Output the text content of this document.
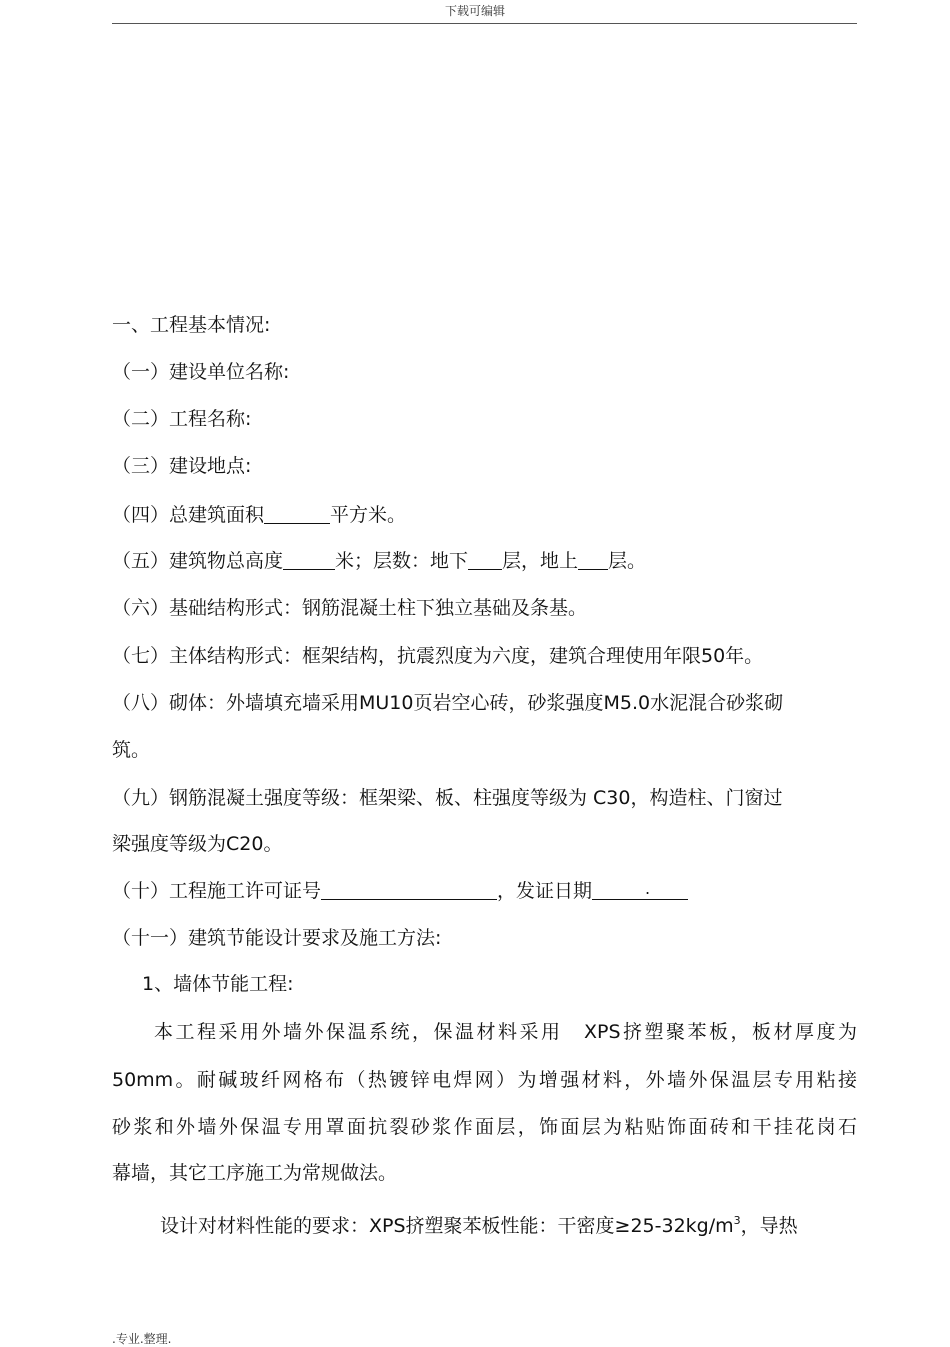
下载可编辑
一、工程基本情况:
（一）建设单位名称:
（二）工程名称:
（三）建设地点:
（四）总建筑面积	平方米。
（五）建筑物总高度	米；层数：地下 层，地上 层。
（六）基础结构形式：钢筋混凝土柱下独立基础及条基。
（七）主体结构形式：框架结构，抗震烈度为六度，建筑合理使用年限50年。
（八）砌体：外墙填充墙采用MU10页岩空心砖，砂浆强度M5.0水泥混合砂浆砌
筑。
（九）钢筋混凝土强度等级：框架梁、板、柱强度等级为 C30，构造柱、门窗过
梁强度等级为C20。
（十）工程施工许可证号	，发证日期	.
（十一）建筑节能设计要求及施工方法:
1、墙体节能工程:
本工程采用外墙外保温系统，保温材料采用　XPS挤塑聚苯板，板材厚度为
50mm。耐碱玻纤网格布（热镀锌电焊网）为增强材料，外墙外保温层专用粘接
砂浆和外墙外保温专用罩面抗裂砂浆作面层，饰面层为粘贴饰面砖和干挂花岗石
幕墙，其它工序施工为常规做法。
设计对材料性能的要求：XPS挤塑聚苯板性能：干密度$\ge 25-32kg/m^3$，导热
.专业.整理.
